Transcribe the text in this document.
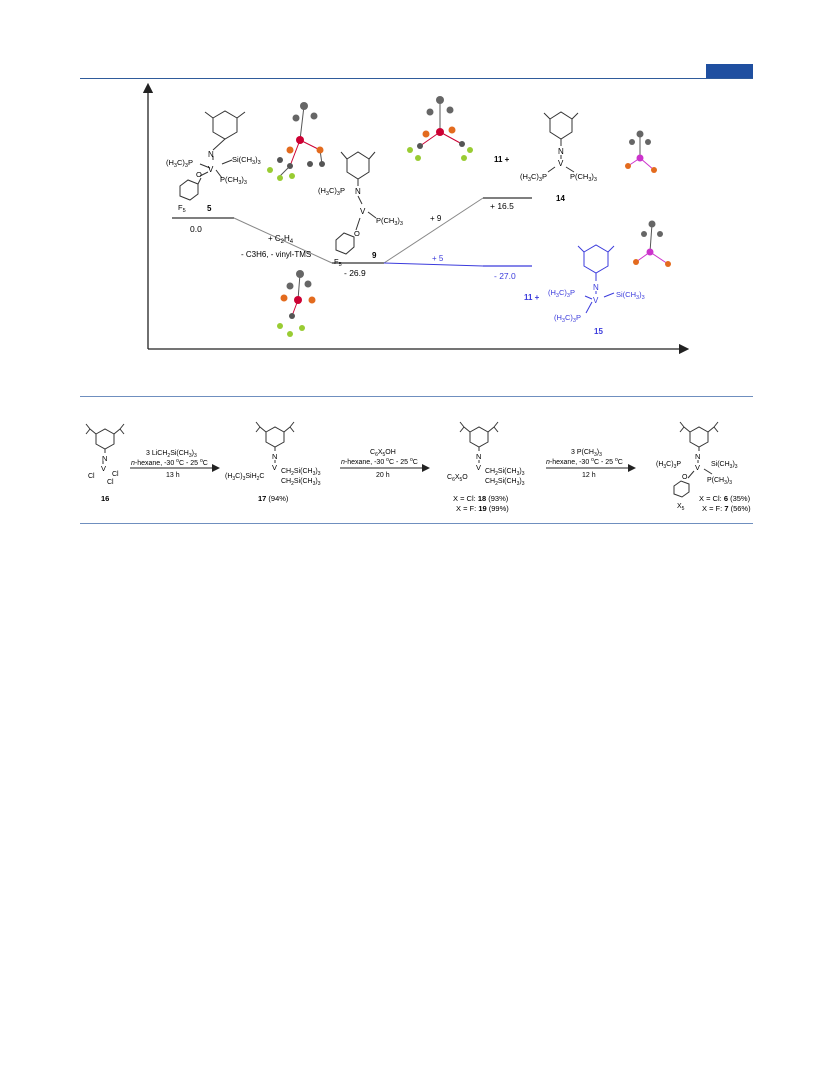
0.0
- 26.9
+ 16.5
- 27.0
+ $C_2H_4$
- C3H6, - vinyl-TMS
+ 9
+ 5
N
V
$(H_3C)_3P$	$Si(CH_3)_3$
$P(CH_3)_3$
O
$F_5$	5
N
V
$(H_3C)_3P$
$P(CH_3)_3$
O
$F_5$
9
N
V
$(H_3C)_3P$	$P(CH_3)_3$
14
11 +
N
V
$(H_3C)_3P$
$(H_3C)_3P$
$Si(CH_3)_3$
15
11 +
N
V
Cl Cl
Cl
16
3 $LiCH_2Si(CH_3)_3$
n-hexane, -30 $^o$C - 25 $^o$C
13 h
N
V
$(H_3C)_3SiH_2C$
$CH_2Si(CH_3)_3$
$CH_2Si(CH_3)_3$
17 (94%)
$C_6X_5OH$
n-hexane, -30 $^o$C - 25 $^o$C
20 h
N
V
$C_6X_5O$
$CH_2Si(CH_3)_3$
$CH_2Si(CH_3)_3$
X = Cl: 18 (93%)
X = F: 19 (99%)
3 $P(CH_3)_3$
n-hexane, -30 $^o$C - 25 $^o$C
12 h
N
V
$(H_3C)_3P$	$Si(CH_3)_3$
O	$P(CH_3)_3$
$X_5$
X = Cl: 6 (35%)
X = F: 7 (56%)
